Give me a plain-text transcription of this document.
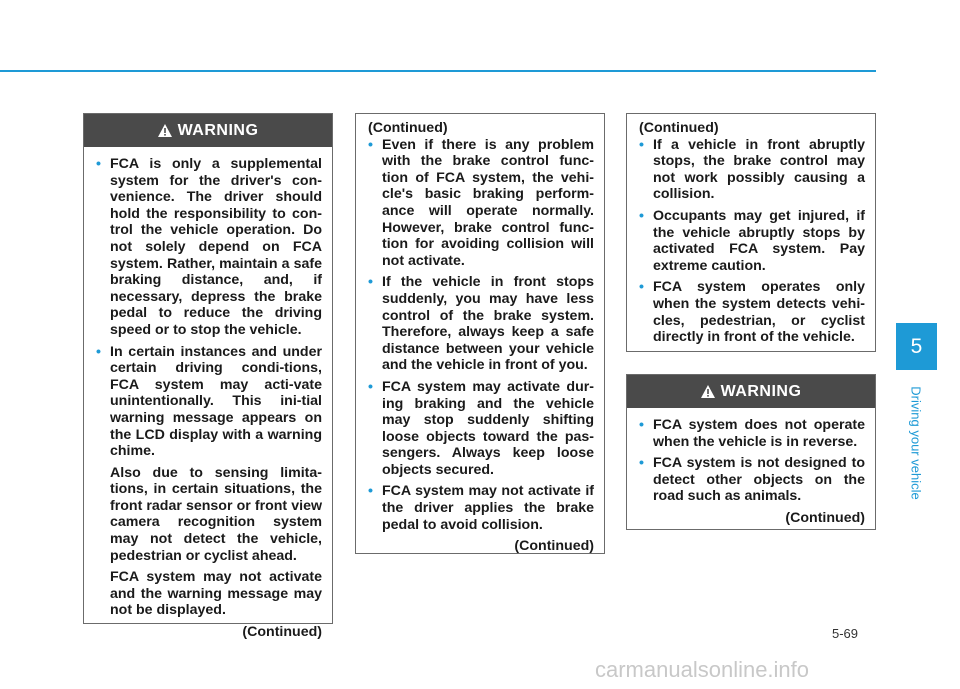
WARNING
• FCA is only a supplemental system for the driver's con-venience. The driver should hold the responsibility to con-trol the vehicle operation. Do not solely depend on FCA system. Rather, maintain a safe braking distance, and, if necessary, depress the brake pedal to reduce the driving speed or to stop the vehicle.
• In certain instances and under certain driving condi-tions, FCA system may acti-vate unintentionally. This ini-tial warning message appears on the LCD display with a warning chime.
Also due to sensing limita-tions, in certain situations, the front radar sensor or front view camera recognition system may not detect the vehicle, pedestrian or cyclist ahead.
FCA system may not activate and the warning message may not be displayed.

(Continued)

(Continued)

• Even if there is any problem with the brake control func-tion of FCA system, the vehi-cle's basic braking perform-ance will operate normally. However, brake control func-tion for avoiding collision will not activate.
• If the vehicle in front stops suddenly, you may have less control of the brake system. Therefore, always keep a safe distance between your vehicle and the vehicle in front of you.
• FCA system may activate dur-ing braking and the vehicle may stop suddenly shifting loose objects toward the pas-sengers. Always keep loose objects secured.
• FCA system may not activate if the driver applies the brake pedal to avoid collision.

(Continued)

(Continued)

• If a vehicle in front abruptly stops, the brake control may not work possibly causing a collision.
• Occupants may get injured, if the vehicle abruptly stops by activated FCA system. Pay extreme caution.
• FCA system operates only when the system detects vehi-cles, pedestrian, or cyclist directly in front of the vehicle.
WARNING
• FCA system does not operate when the vehicle is in reverse.
• FCA system is not designed to detect other objects on the road such as animals.

(Continued)

5
Driving your vehicle
5-69
carmanualsonline.info
